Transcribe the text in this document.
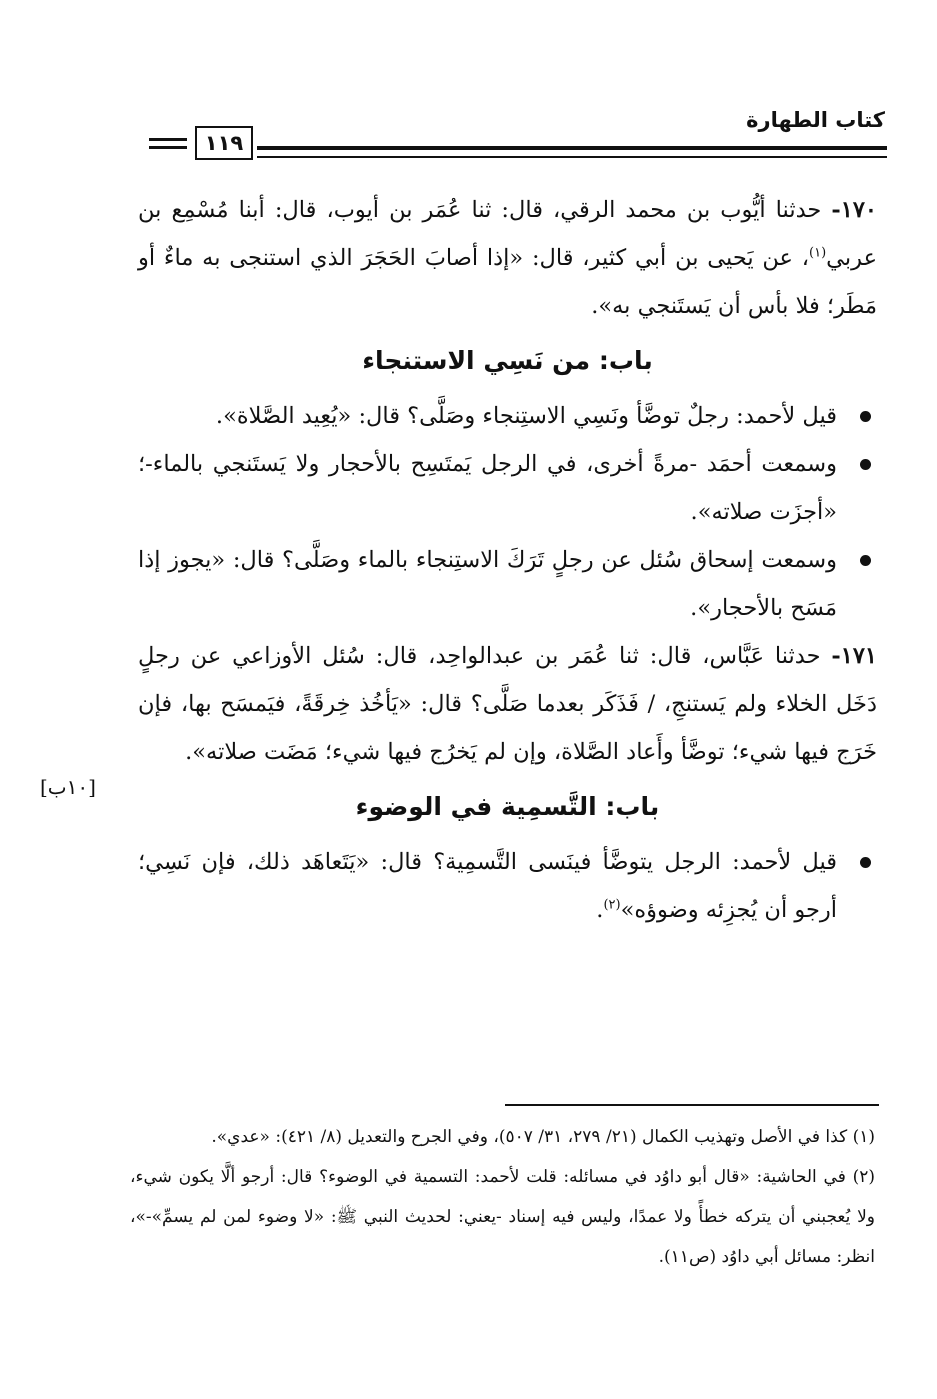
كتاب الطهارة
١١٩

١٧٠- حدثنا أيُّوب بن محمد الرقي، قال: ثنا عُمَر بن أيوب، قال: أبنا مُسْمِع بن عربي$^{(١)}$، عن يَحيى بن أبي كثير، قال: «إذا أصابَ الحَجَرَ الذي استنجى به ماءٌ أو مَطَر؛ فلا بأس أن يَستَنجي به».

باب: من نَسِي الاستنجاء

قيل لأحمد: رجلٌ توضَّأ ونَسِي الاستِنجاء وصَلَّى؟ قال: «يُعِيد الصَّلاة».

وسمعت أحمَد -مرةً أخرى، في الرجل يَمتَسِح بالأحجار ولا يَستَنجي بالماء-؛ «أجزَت صلاته».

وسمعت إسحاق سُئل عن رجلٍ تَرَكَ الاستِنجاء بالماء وصَلَّى؟ قال: «يجوز إذا مَسَح بالأحجار».

١٧١- حدثنا عَبَّاس، قال: ثنا عُمَر بن عبدالواحِد، قال: سُئل الأوزاعي عن رجلٍ دَخَل الخلاء ولم يَستنجِ، / فَذَكَر بعدما صَلَّى؟ قال: «يَأخُذ خِرقَةً، فيَمسَح بها، فإن خَرَج فيها شيء؛ توضَّأ وأَعاد الصَّلاة، وإن لم يَخرُج فيها شيء؛ مَضَت صلاته».

باب: التَّسمِية في الوضوء

قيل لأحمد: الرجل يتوضَّأ فينَسى التَّسمِية؟ قال: «يَتَعاهَد ذلك، فإن نَسِي؛ أرجو أن يُجزِئه وضوؤه»$^{(٢)}$.

[١٠ب]

(١) كذا في الأصل وتهذيب الكمال (٢١/ ٢٧٩، ٣١/ ٥٠٧)، وفي الجرح والتعديل (٨/ ٤٢١): «عدي».

(٢) في الحاشية: «قال أبو داوُد في مسائله: قلت لأحمد: التسمية في الوضوء؟ قال: أرجو ألَّا يكون شيء، ولا يُعجبني أن يتركه خطأً ولا عمدًا، وليس فيه إسناد -يعني: لحديث النبي ﷺ: «لا وضوء لمن لم يسمِّ»-»، انظر: مسائل أبي داوُد (ص١١).
